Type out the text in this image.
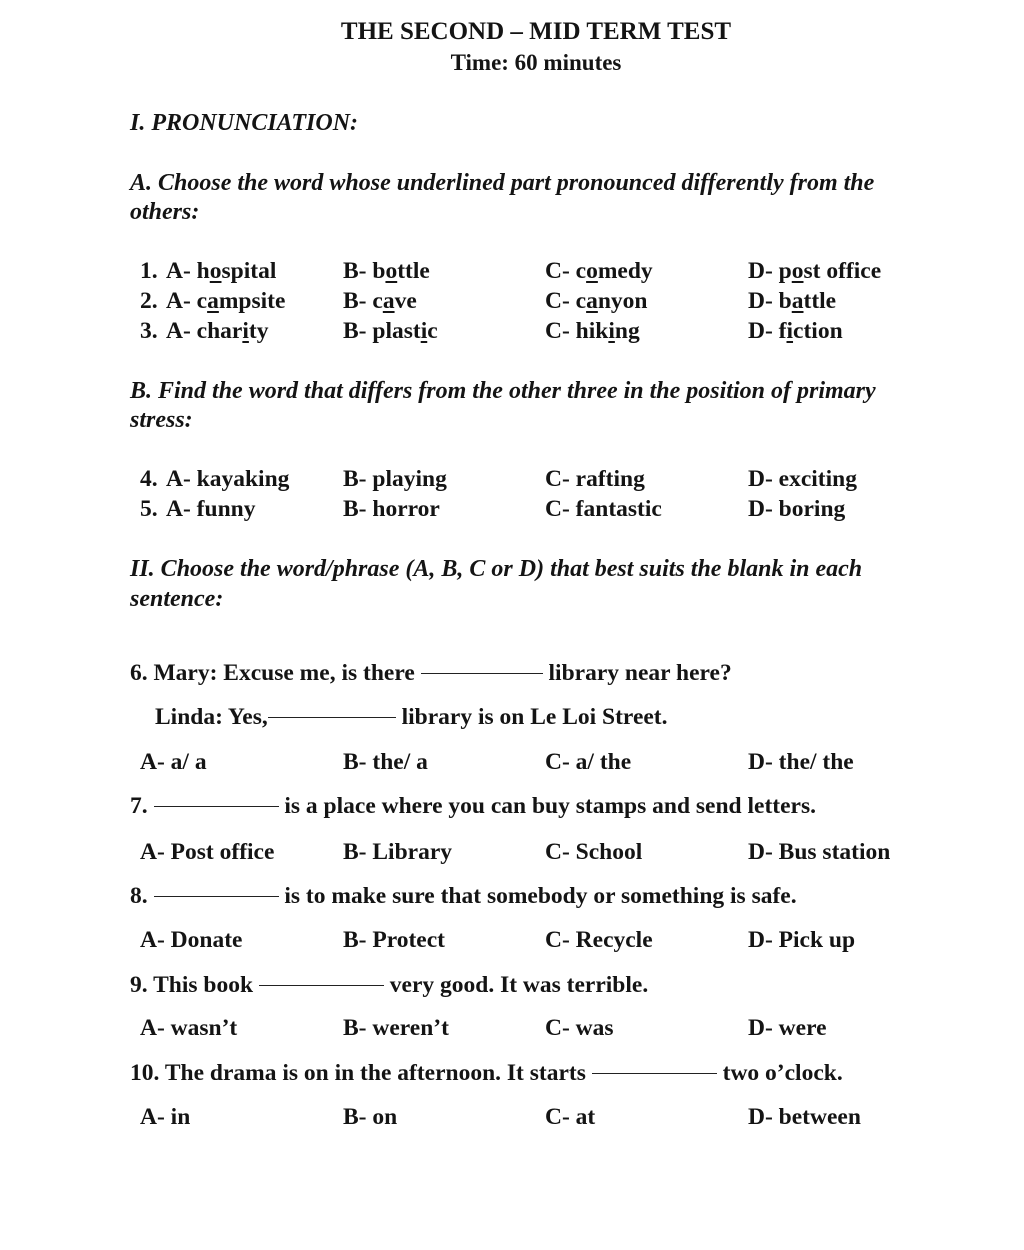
THE SECOND – MID TERM TEST
Time: 60 minutes
I. PRONUNCIATION:
A. Choose the word whose underlined part pronounced differently from the
others:
1. A- hospital	B- bottle	C- comedy	D- post office
2. A- campsite B- cave	C- canyon	D- battle
3. A- charity	B- plastic	C- hiking	D- fiction
B. Find the word that differs from the other three in the position of primary
stress:
4. A- kayaking B- playing	C- rafting	D- exciting
5. A- funny	B- horror	C- fantastic	D- boring
II. Choose the word/phrase (A, B, C or D) that best suits the blank in each
sentence:
6. Mary: Excuse me, is there	library near here?
Linda: Yes,	library is on Le Loi Street.
A- a/ a	B- the/ a	C- a/ the	D- the/ the
7.	is a place where you can buy stamps and send letters.
A- Post office	B- Library	C- School	D- Bus station
8.	is to make sure that somebody or something is safe.
A- Donate	B- Protect	C- Recycle	D- Pick up
9. This book	very good. It was terrible.
A- wasn’t	B- weren’t	C- was	D- were
10. The drama is on in the afternoon. It starts	two o’clock.
A- in	B- on	C- at	D- between
